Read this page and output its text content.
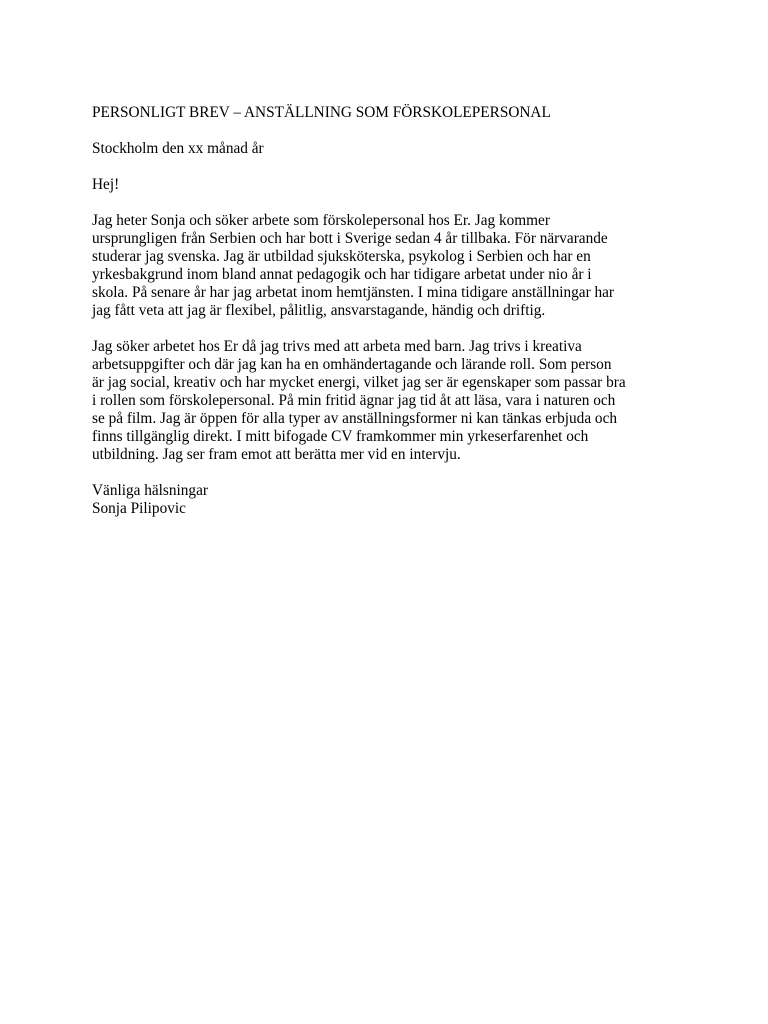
PERSONLIGT BREV – ANSTÄLLNING SOM FÖRSKOLEPERSONAL
Stockholm den xx månad år
Hej!
Jag heter Sonja och söker arbete som förskolepersonal hos Er. Jag kommer
ursprungligen från Serbien och har bott i Sverige sedan 4 år tillbaka. För närvarande
studerar jag svenska. Jag är utbildad sjuksköterska, psykolog i Serbien och har en
yrkesbakgrund inom bland annat pedagogik och har tidigare arbetat under nio år i
skola. På senare år har jag arbetat inom hemtjänsten. I mina tidigare anställningar har
jag fått veta att jag är flexibel, pålitlig, ansvarstagande, händig och driftig.
Jag söker arbetet hos Er då jag trivs med att arbeta med barn. Jag trivs i kreativa
arbetsuppgifter och där jag kan ha en omhändertagande och lärande roll. Som person
är jag social, kreativ och har mycket energi, vilket jag ser är egenskaper som passar bra
i rollen som förskolepersonal. På min fritid ägnar jag tid åt att läsa, vara i naturen och
se på film. Jag är öppen för alla typer av anställningsformer ni kan tänkas erbjuda och
finns tillgänglig direkt. I mitt bifogade CV framkommer min yrkeserfarenhet och
utbildning. Jag ser fram emot att berätta mer vid en intervju.
Vänliga hälsningar
Sonja Pilipovic
